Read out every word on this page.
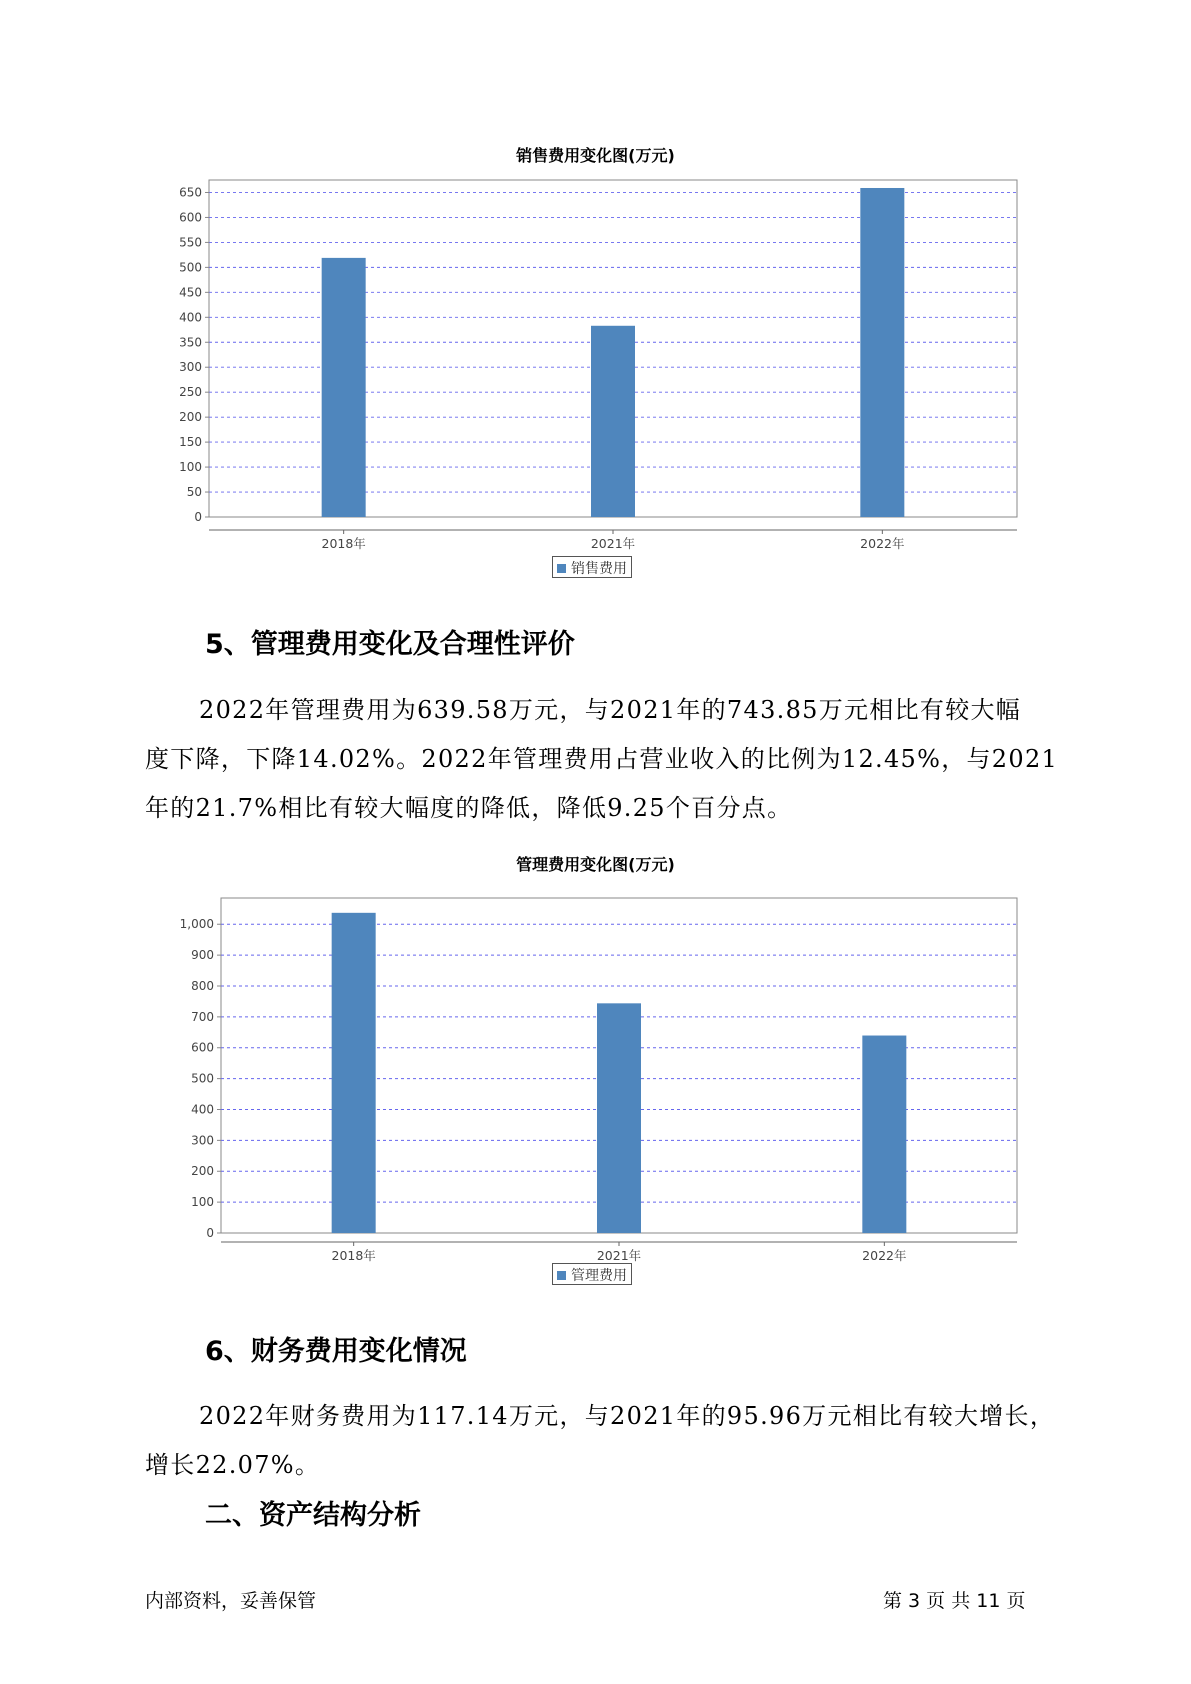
销售费用变化图(万元)
0
50
100
150
200
250
300
350
400
450
500
550
600
650
2018年	2021年	2022年
销售费用
5、管理费用变化及合理性评价
2022年管理费用为639.58万元，与2021年的743.85万元相比有较大幅
度下降，下降14.02%。2022年管理费用占营业收入的比例为12.45%，与2021
年的21.7%相比有较大幅度的降低，降低9.25个百分点。
管理费用变化图(万元)
0
100
200
300
400
500
600
700
800
900
1,000
2018年	2021年	2022年
管理费用
6、财务费用变化情况
2022年财务费用为117.14万元，与2021年的95.96万元相比有较大增长，
增长22.07%。
二、资产结构分析
内部资料，妥善保管	第 3 页 共 11 页
